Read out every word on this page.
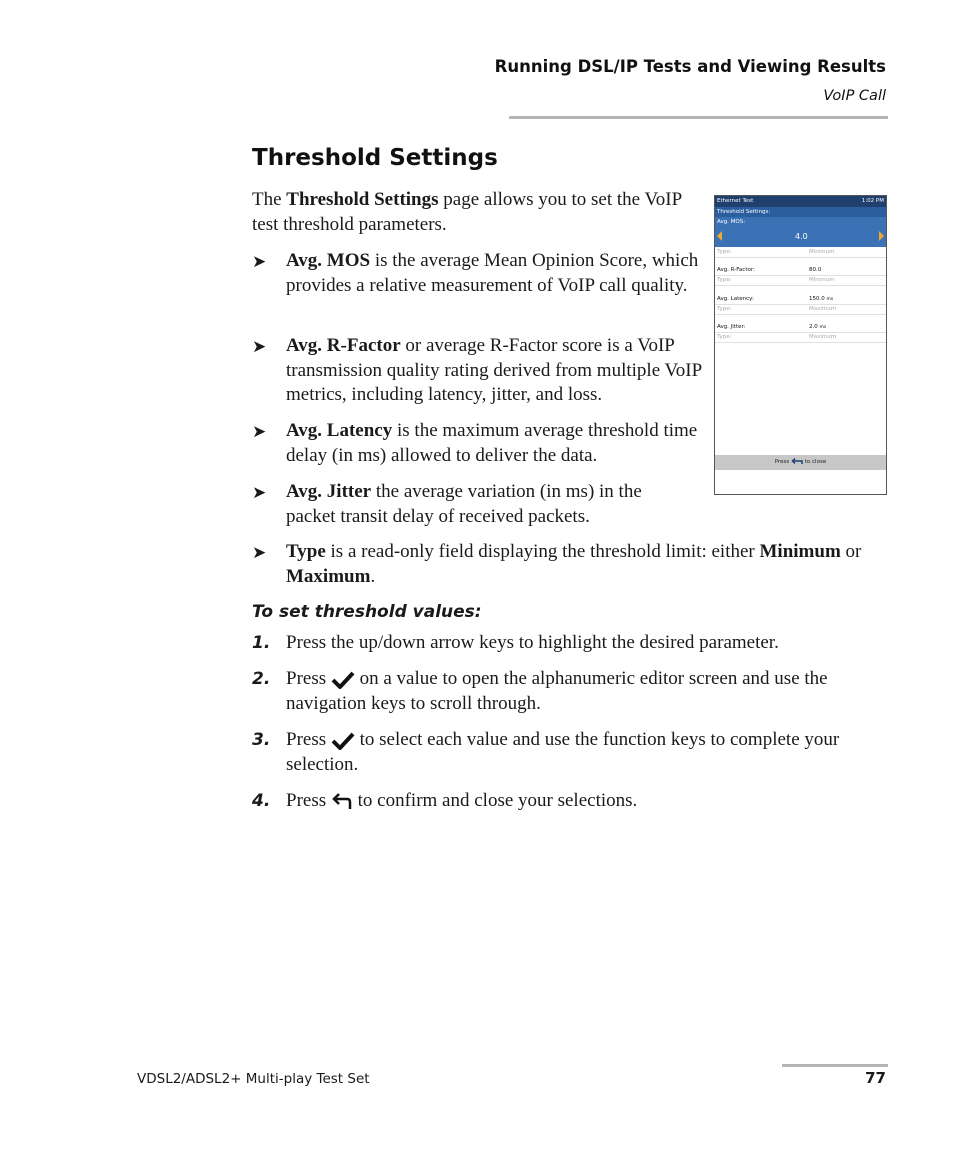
Running DSL/IP Tests and Viewing Results
VoIP Call
Threshold Settings

The Threshold Settings page allows you to set the VoIP test threshold parameters.

➤ Avg. MOS is the average Mean Opinion Score, which provides a relative measurement of VoIP call quality.

➤ Avg. R-Factor or average R-Factor score is a VoIP transmission quality rating derived from multiple VoIP metrics, including latency, jitter, and loss.

➤ Avg. Latency is the maximum average threshold time delay (in ms) allowed to deliver the data.

➤ Avg. Jitter the average variation (in ms) in the packet transit delay of received packets.

➤ Type is a read-only field displaying the threshold limit: either Minimum or Maximum.

To set threshold values:
1. Press the up/down arrow keys to highlight the desired parameter.

2. Press  on a value to open the alphanumeric editor screen and use the navigation keys to scroll through.

3. Press  to select each value and use the function keys to complete your selection.

4. Press  to confirm and close your selections.

Ethernet Test	1:02 PM
Threshold Settings:
Avg. MOS:
4.0
Type:	Minimum
Avg. R-Factor:	80.0
Type:	Minimum
Avg. Latency:	150.0 ms
Type:	Maximum
Avg. Jitter:	2.0 ms
Type:	Maximum
Press	to close
VDSL2/ADSL2+ Multi-play Test Set	77
